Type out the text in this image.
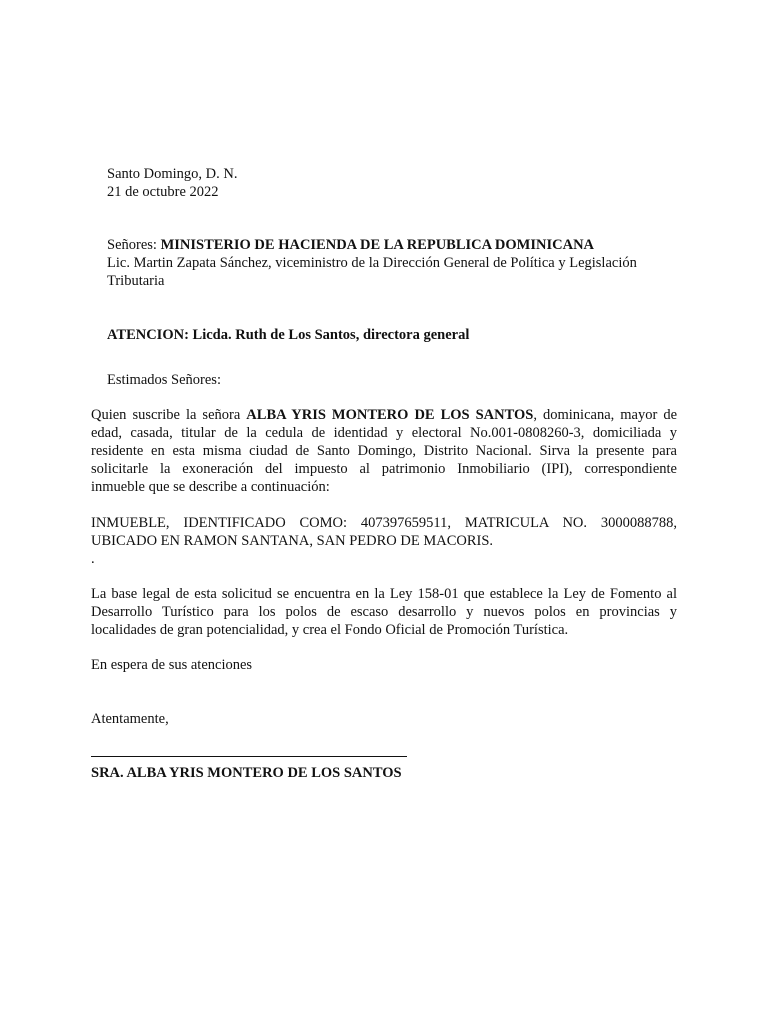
Santo Domingo, D. N.
21 de octubre 2022
Señores: MINISTERIO DE HACIENDA DE LA REPUBLICA DOMINICANA
Lic. Martin Zapata Sánchez, viceministro de la Dirección General de Política y Legislación
Tributaria
ATENCION: Licda. Ruth de Los Santos, directora general
Estimados Señores:
Quien suscribe la señora ALBA YRIS MONTERO DE LOS SANTOS, dominicana, mayor de
edad, casada, titular de la cedula de identidad y electoral No.001-0808260-3, domiciliada y
residente en esta misma ciudad de Santo Domingo, Distrito Nacional. Sirva la presente para
solicitarle la exoneración del impuesto al patrimonio Inmobiliario (IPI), correspondiente
inmueble que se describe a continuación:
INMUEBLE, IDENTIFICADO COMO: 407397659511, MATRICULA NO. 3000088788,
UBICADO EN RAMON SANTANA, SAN PEDRO DE MACORIS.
.
La base legal de esta solicitud se encuentra en la Ley 158-01 que establece la Ley de Fomento al
Desarrollo Turístico para los polos de escaso desarrollo y nuevos polos en provincias y
localidades de gran potencialidad, y crea el Fondo Oficial de Promoción Turística.
En espera de sus atenciones
Atentamente,
SRA. ALBA YRIS MONTERO DE LOS SANTOS
